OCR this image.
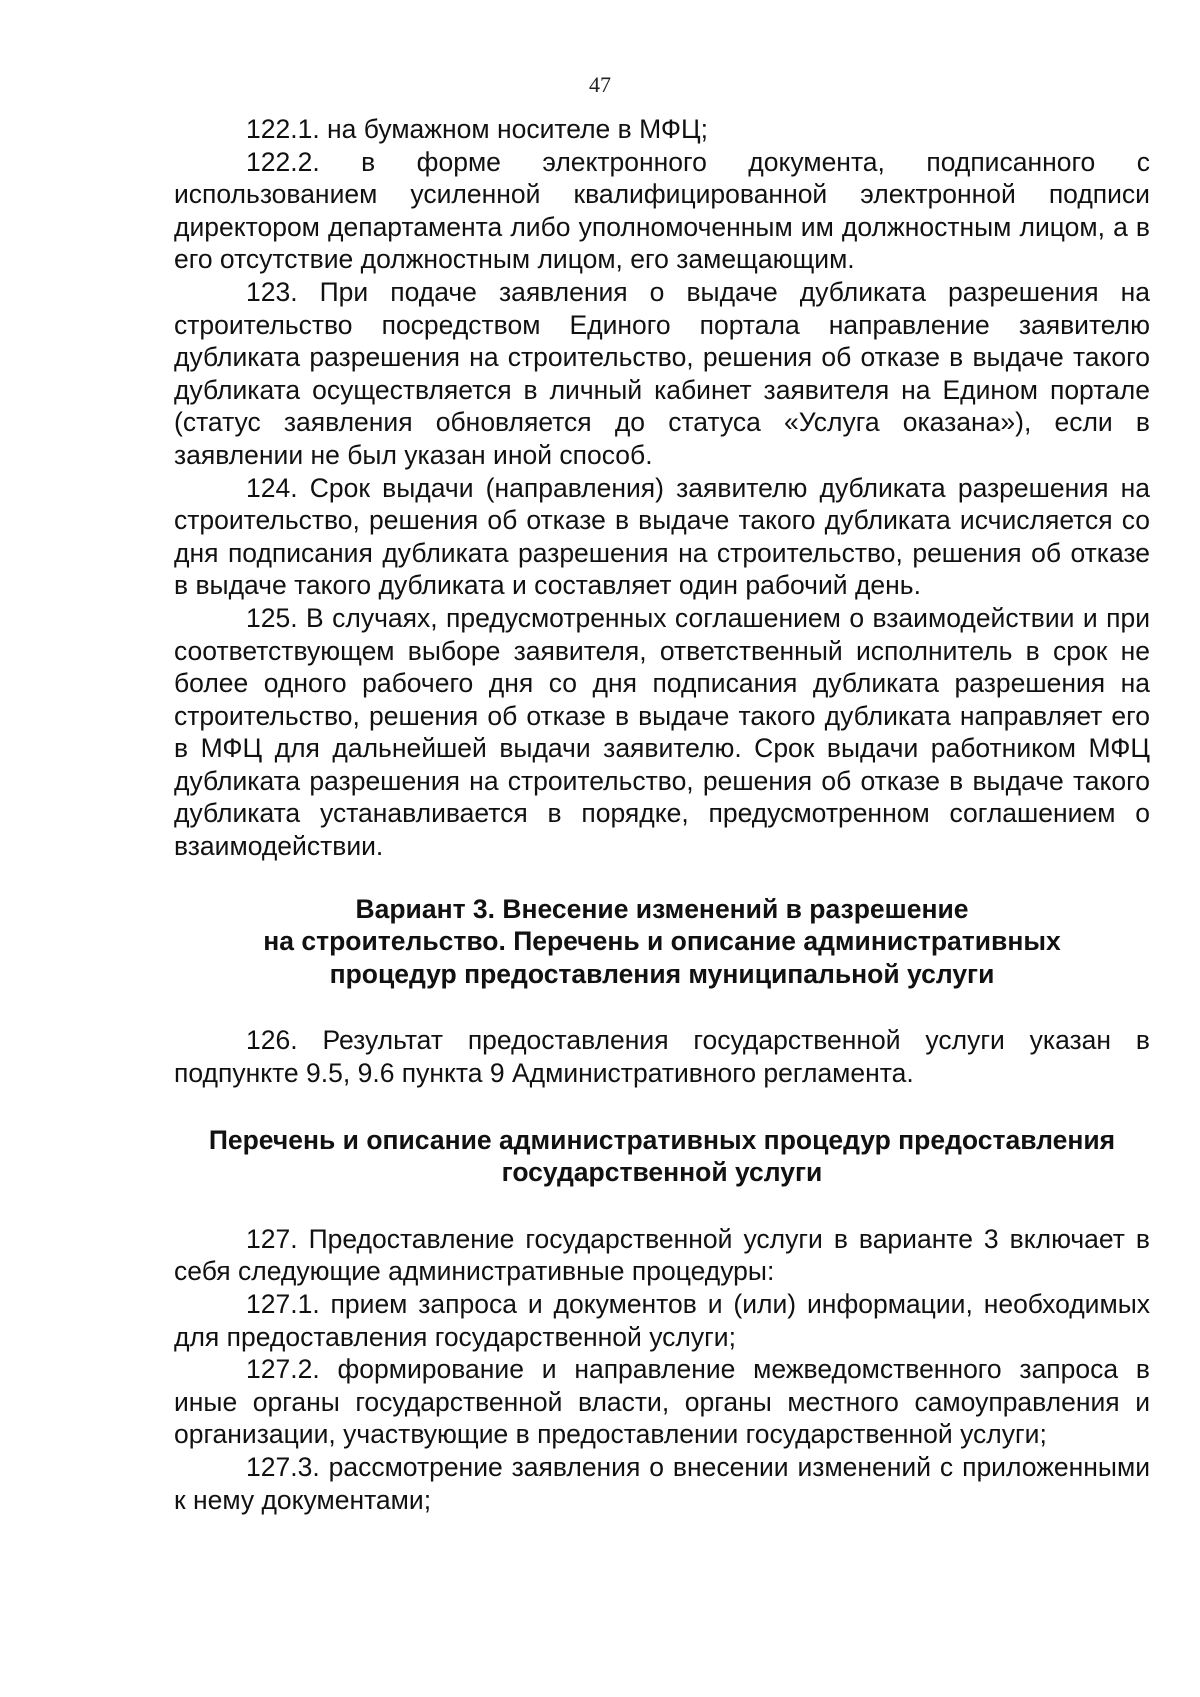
47

122.1. на бумажном носителе в МФЦ;

122.2. в форме электронного документа, подписанного с использованием усиленной квалифицированной электронной подписи директором департамента либо уполномоченным им должностным лицом, а в его отсутствие должностным лицом, его замещающим.

123. При подаче заявления о выдаче дубликата разрешения на строительство посредством Единого портала направление заявителю дубликата разрешения на строительство, решения об отказе в выдаче такого дубликата осуществляется в личный кабинет заявителя на Едином портале (статус заявления обновляется до статуса «Услуга оказана»), если в заявлении не был указан иной способ.

124. Срок выдачи (направления) заявителю дубликата разрешения на строительство, решения об отказе в выдаче такого дубликата исчисляется со дня подписания дубликата разрешения на строительство, решения об отказе в выдаче такого дубликата и составляет один рабочий день.

125. В случаях, предусмотренных соглашением о взаимодействии и при соответствующем выборе заявителя, ответственный исполнитель в срок не более одного рабочего дня со дня подписания дубликата разрешения на строительство, решения об отказе в выдаче такого дубликата направляет его в МФЦ для дальнейшей выдачи заявителю. Срок выдачи работником МФЦ дубликата разрешения на строительство, решения об отказе в выдаче такого дубликата устанавливается в порядке, предусмотренном соглашением о взаимодействии.

Вариант 3. Внесение изменений в разрешение
на строительство. Перечень и описание административных
процедур предоставления муниципальной услуги

126. Результат предоставления государственной услуги указан в подпункте 9.5, 9.6 пункта 9 Административного регламента.

Перечень и описание административных процедур предоставления
государственной услуги

127. Предоставление государственной услуги в варианте 3 включает в себя следующие административные процедуры:

127.1. прием запроса и документов и (или) информации, необходимых для предоставления государственной услуги;

127.2. формирование и направление межведомственного запроса в иные органы государственной власти, органы местного самоуправления и организации, участвующие в предоставлении государственной услуги;

127.3. рассмотрение заявления о внесении изменений с приложенными к нему документами;
